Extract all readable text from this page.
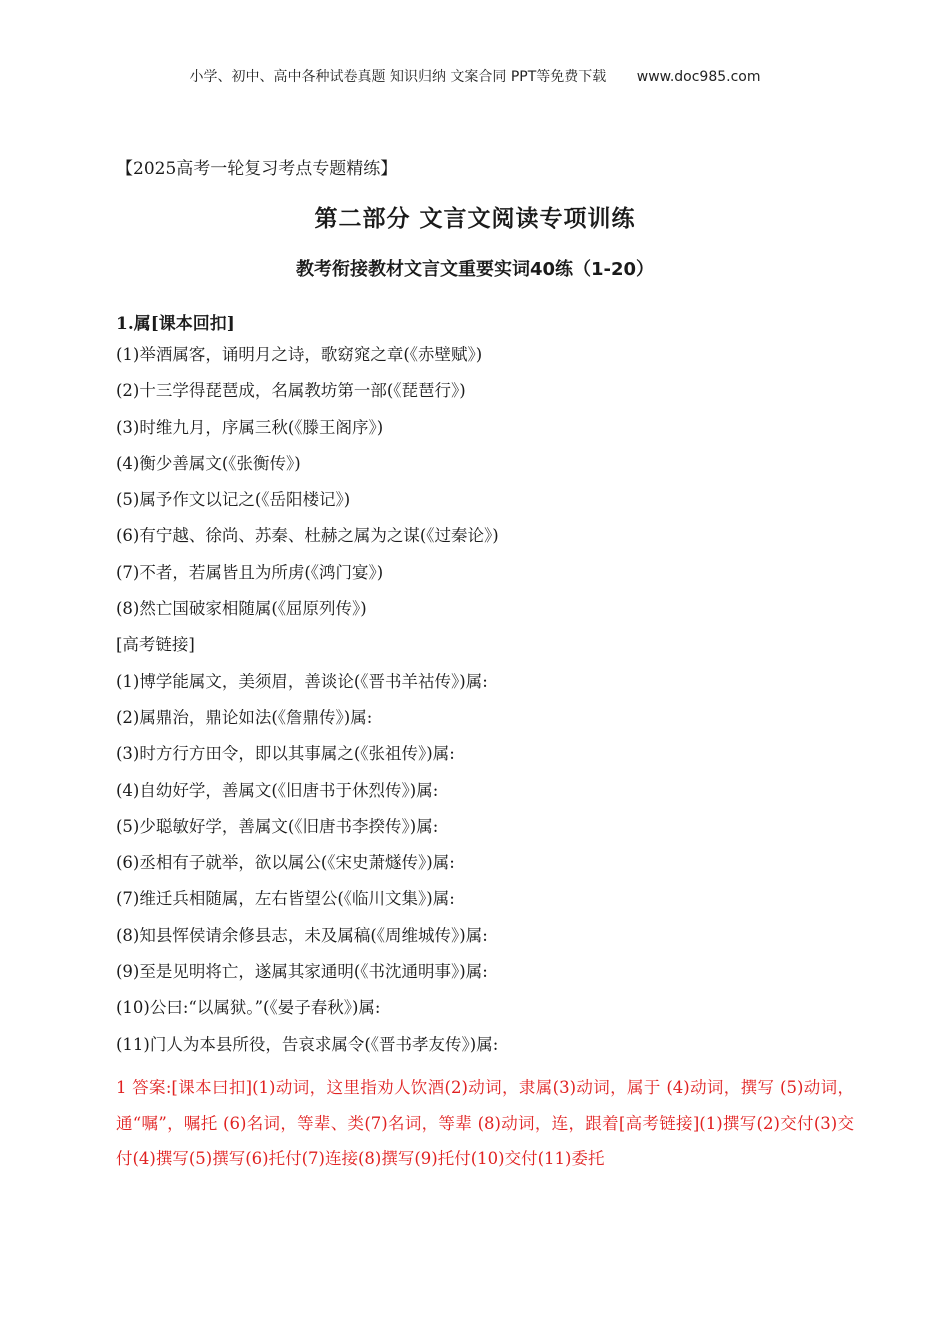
小学、初中、高中各种试卷真题 知识归纳 文案合同 PPT等免费下载 www.doc985.com
【2025高考一轮复习考点专题精练】
第二部分 文言文阅读专项训练
教考衔接教材文言文重要实词40练（1-20）
1.属[课本回扣]
(1)举酒属客，诵明月之诗，歌窈窕之章(《赤壁赋》)
(2)十三学得琵琶成，名属教坊第一部(《琵琶行》)
(3)时维九月，序属三秋(《滕王阁序》)
(4)衡少善属文(《张衡传》)
(5)属予作文以记之(《岳阳楼记》)
(6)有宁越、徐尚、苏秦、杜赫之属为之谋(《过秦论》)
(7)不者，若属皆且为所虏(《鸿门宴》)
(8)然亡国破家相随属(《屈原列传》)
[高考链接]
(1)博学能属文，美须眉，善谈论(《晋书羊祜传》)属:
(2)属鼎治，鼎论如法(《詹鼎传》)属:
(3)时方行方田令，即以其事属之(《张祖传》)属:
(4)自幼好学，善属文(《旧唐书于休烈传》)属:
(5)少聪敏好学，善属文(《旧唐书李揆传》)属:
(6)丞相有子就举，欲以属公(《宋史萧燧传》)属:
(7)维迁兵相随属，左右皆望公(《临川文集》)属:
(8)知县恽侯请余修县志，未及属稿(《周维城传》)属:
(9)至是见明将亡，遂属其家通明(《书沈通明事》)属:
(10)公曰:“以属狱。”(《晏子春秋》)属:
(11)门人为本县所役，告哀求属令(《晋书孝友传》)属:
1 答案:[课本曰扣](1)动词，这里指劝人饮酒(2)动词，隶属(3)动词，属于 (4)动词，撰写 (5)动词，通“嘱”，嘱托 (6)名词，等辈、类(7)名词，等辈 (8)动词，连，跟着[高考链接](1)撰写(2)交付(3)交付(4)撰写(5)撰写(6)托付(7)连接(8)撰写(9)托付(10)交付(11)委托
